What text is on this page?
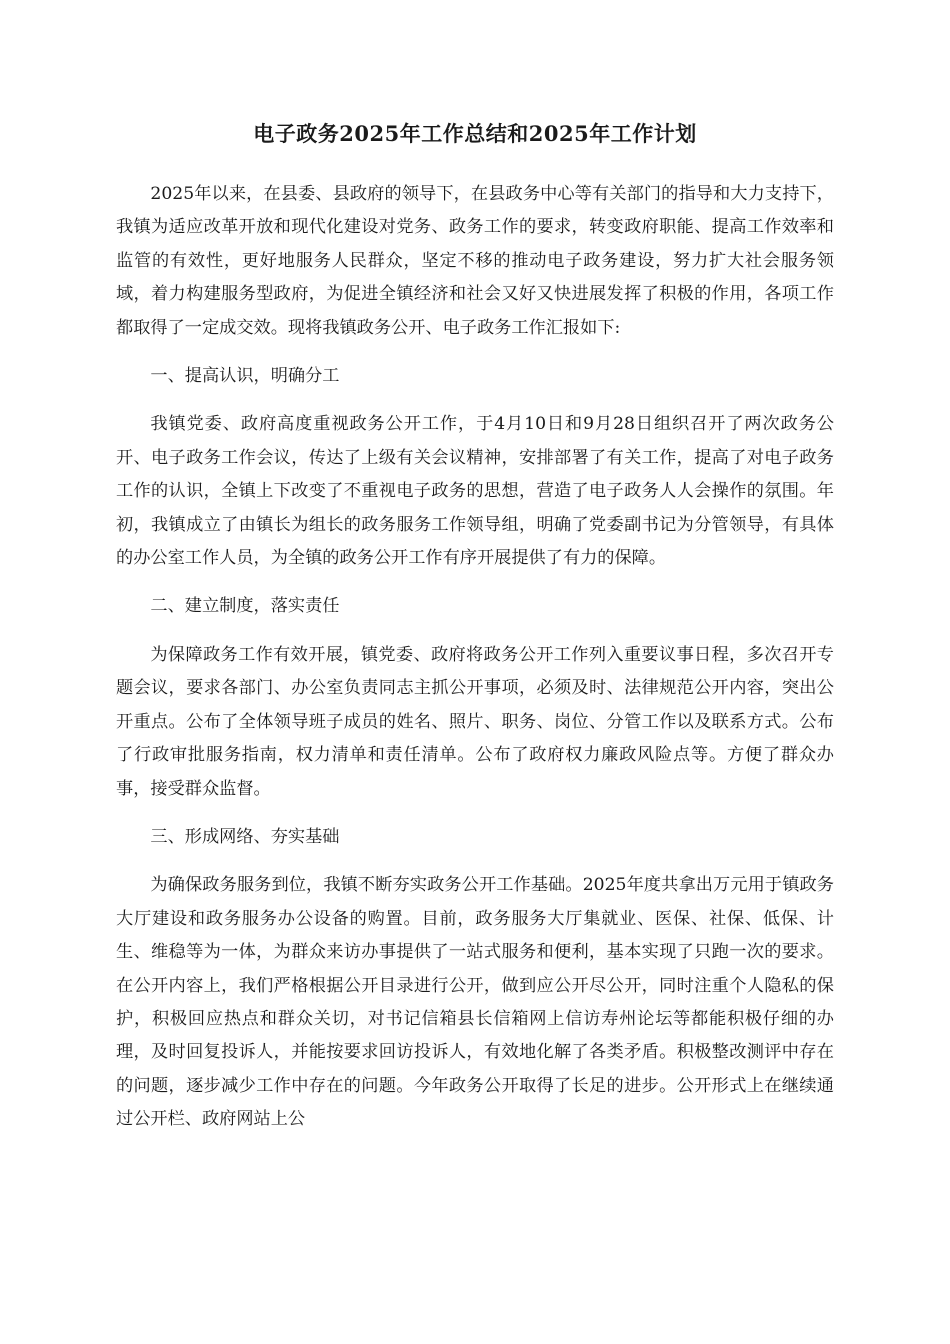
电子政务2025年工作总结和2025年工作计划

2025年以来，在县委、县政府的领导下，在县政务中心等有关部门的指导和大力支持下，我镇为适应改革开放和现代化建设对党务、政务工作的要求，转变政府职能、提高工作效率和监管的有效性，更好地服务人民群众，坚定不移的推动电子政务建设，努力扩大社会服务领域，着力构建服务型政府，为促进全镇经济和社会又好又快进展发挥了积极的作用，各项工作都取得了一定成交效。现将我镇政务公开、电子政务工作汇报如下:

一、提高认识，明确分工

我镇党委、政府高度重视政务公开工作，于4月10日和9月28日组织召开了两次政务公开、电子政务工作会议，传达了上级有关会议精神，安排部署了有关工作，提高了对电子政务工作的认识，全镇上下改变了不重视电子政务的思想，营造了电子政务人人会操作的氛围。年初，我镇成立了由镇长为组长的政务服务工作领导组，明确了党委副书记为分管领导，有具体的办公室工作人员，为全镇的政务公开工作有序开展提供了有力的保障。

二、建立制度，落实责任

为保障政务工作有效开展，镇党委、政府将政务公开工作列入重要议事日程，多次召开专题会议，要求各部门、办公室负责同志主抓公开事项，必须及时、法律规范公开内容，突出公开重点。公布了全体领导班子成员的姓名、照片、职务、岗位、分管工作以及联系方式。公布了行政审批服务指南，权力清单和责任清单。公布了政府权力廉政风险点等。方便了群众办事，接受群众监督。

三、形成网络、夯实基础

为确保政务服务到位，我镇不断夯实政务公开工作基础。2025年度共拿出万元用于镇政务大厅建设和政务服务办公设备的购置。目前，政务服务大厅集就业、医保、社保、低保、计生、维稳等为一体，为群众来访办事提供了一站式服务和便利，基本实现了只跑一次的要求。在公开内容上，我们严格根据公开目录进行公开，做到应公开尽公开，同时注重个人隐私的保护，积极回应热点和群众关切，对书记信箱县长信箱网上信访寿州论坛等都能积极仔细的办理，及时回复投诉人，并能按要求回访投诉人，有效地化解了各类矛盾。积极整改测评中存在的问题，逐步减少工作中存在的问题。今年政务公开取得了长足的进步。公开形式上在继续通过公开栏、政府网站上公
